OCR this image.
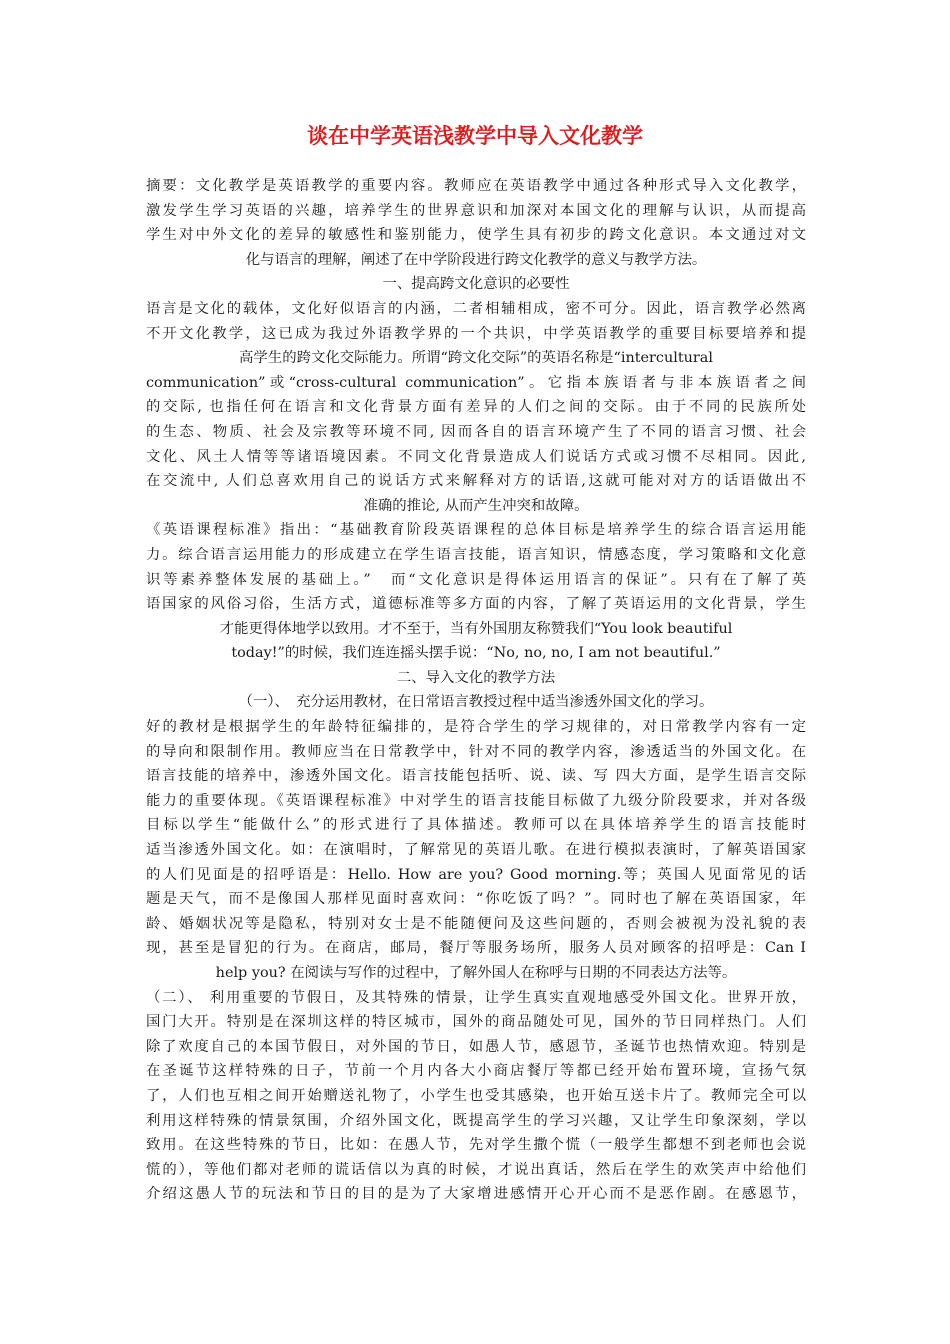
谈在中学英语浅教学中导入文化教学
摘要：文化教学是英语教学的重要内容。教师应在英语教学中通过各种形式导入文化教学，
激发学生学习英语的兴趣，培养学生的世界意识和加深对本国文化的理解与认识，从而提高
学生对中外文化的差异的敏感性和鉴别能力，使学生具有初步的跨文化意识。本文通过对文
化与语言的理解，阐述了在中学阶段进行跨文化教学的意义与教学方法。
一、提高跨文化意识的必要性
语言是文化的载体，文化好似语言的内涵，二者相辅相成，密不可分。因此，语言教学必然离
不开文化教学，这已成为我过外语教学界的一个共识，中学英语教学的重要目标要培养和提
高学生的跨文化交际能力。所谓“跨文化交际”的英语名称是“intercultural
communication”或“cross-cultural communication”。它指本族语者与非本族语者之间
的交际, 也指任何在语言和文化背景方面有差异的人们之间的交际。由于不同的民族所处
的生态、物质、社会及宗教等环境不同, 因而各自的语言环境产生了不同的语言习惯、社会
文化、风土人情等等诸语境因素。不同文化背景造成人们说话方式或习惯不尽相同。因此,
在交流中, 人们总喜欢用自己的说话方式来解释对方的话语,这就可能对对方的话语做出不
准确的推论, 从而产生冲突和故障。
《英语课程标准》指出：“基础教育阶段英语课程的总体目标是培养学生的综合语言运用能
力。综合语言运用能力的形成建立在学生语言技能，语言知识，情感态度，学习策略和文化意
识等素养整体发展的基础上。”　而“文化意识是得体运用语言的保证”。只有在了解了英
语国家的风俗习俗，生活方式，道德标准等多方面的内容，了解了英语运用的文化背景，学生
才能更得体地学以致用。才不至于，当有外国朋友称赞我们“You look beautiful
today!”的时候，我们连连摇头摆手说：“No, no, no, I am not beautiful.”
二、导入文化的教学方法
（一）、　充分运用教材，在日常语言教授过程中适当渗透外国文化的学习。
好的教材是根据学生的年龄特征编排的，是符合学生的学习规律的，对日常教学内容有一定
的导向和限制作用。教师应当在日常教学中，针对不同的教学内容，渗透适当的外国文化。在
语言技能的培养中，渗透外国文化。语言技能包括听、说、读、写 四大方面，是学生语言交际
能力的重要体现。《英语课程标准》中对学生的语言技能目标做了九级分阶段要求，并对各级
目标以学生“能做什么”的形式进行了具体描述。教师可以在具体培养学生的语言技能时
适当渗透外国文化。如：在演唱时，了解常见的英语儿歌。在进行模拟表演时，了解英语国家
的人们见面是的招呼语是：Hello. How are you? Good morning.等；英国人见面常见的话
题是天气，而不是像国人那样见面时喜欢问：“你吃饭了吗？”。同时也了解在英语国家，年
龄、婚姻状况等是隐私，特别对女士是不能随便问及这些问题的，否则会被视为没礼貌的表
现，甚至是冒犯的行为。在商店，邮局，餐厅等服务场所，服务人员对顾客的招呼是：Can I
help you? 在阅读与写作的过程中，了解外国人在称呼与日期的不同表达方法等。
（二）、 利用重要的节假日，及其特殊的情景，让学生真实直观地感受外国文化。世界开放，
国门大开。特别是在深圳这样的特区城市，国外的商品随处可见，国外的节日同样热门。人们
除了欢度自己的本国节假日，对外国的节日，如愚人节，感恩节，圣诞节也热情欢迎。特别是
在圣诞节这样特殊的日子，节前一个月内各大小商店餐厅等都已经开始布置环境，宣扬气氛
了，人们也互相之间开始赠送礼物了，小学生也受其感染，也开始互送卡片了。教师完全可以
利用这样特殊的情景氛围，介绍外国文化，既提高学生的学习兴趣，又让学生印象深刻，学以
致用。在这些特殊的节日，比如：在愚人节，先对学生撒个慌（一般学生都想不到老师也会说
慌的），等他们都对老师的谎话信以为真的时候，才说出真话，然后在学生的欢笑声中给他们
介绍这愚人节的玩法和节日的目的是为了大家增进感情开心开心而不是恶作剧。在感恩节，
